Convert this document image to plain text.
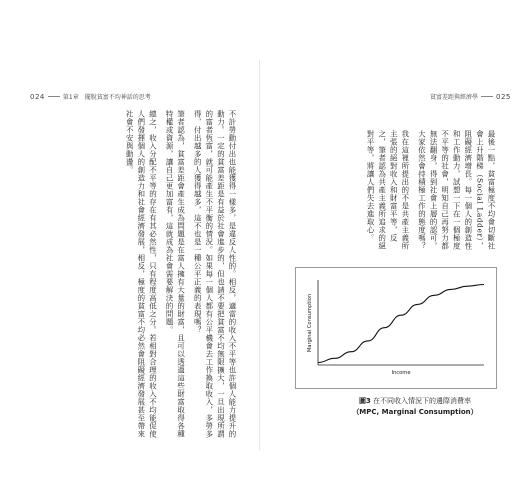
024	第1章　擺脫貧富不均神話的思考

不計勞動付出也能獲得一樣多，是違反人性的。相反，適當的收入不平等也許個人能力提升的動力。一定的貧富差距是有益於社會進步的，但也請不要把貧富不均無限擴大，一旦出現所謂的富者恆富，就可能產生不平衡的情況。如果每一個人都有公平機會去工作換取收入，多勞多得，付出越多的人獲得越多，這不也是一種公平正義的表現嗎？

筆者認為，貧富差距會產生成為問題是在富人擁有大量的財富，且可以透過這些財富取得各種特權或資源，讓自己更加富有，這就成為社會需要解決的問題。

總之，收入分配不平等的存在有其必然性，只有程度高低之分。若相對合理的收入不均能促使人們發揮個人的創造力和社會經濟發展，相反，極度的貧富不均必然會阻礙經濟發展甚至帶來社會不安與動盪。

貧富差距與經濟學	025

最後一點，貧富極度不均會切斷社會上升階梯（Social Ladder），阻礙經濟增長。每一個人的創造性和工作動力，試想一下在一個極度不平等的社會，明知自己再努力都無法翻身，得到社會上層的認可，大家依然會持積極工作的態度嗎？

我在這裡所提出的不是共產主義所主張的絕對收入和財富平等，反之，筆者認為共產主義所追求的絕對平等，將讓人們失去進取心。

Marginal Consumption
Income
圖3 在不同收入情況下的邊際消費率
（MPC, Marginal Consumption）
